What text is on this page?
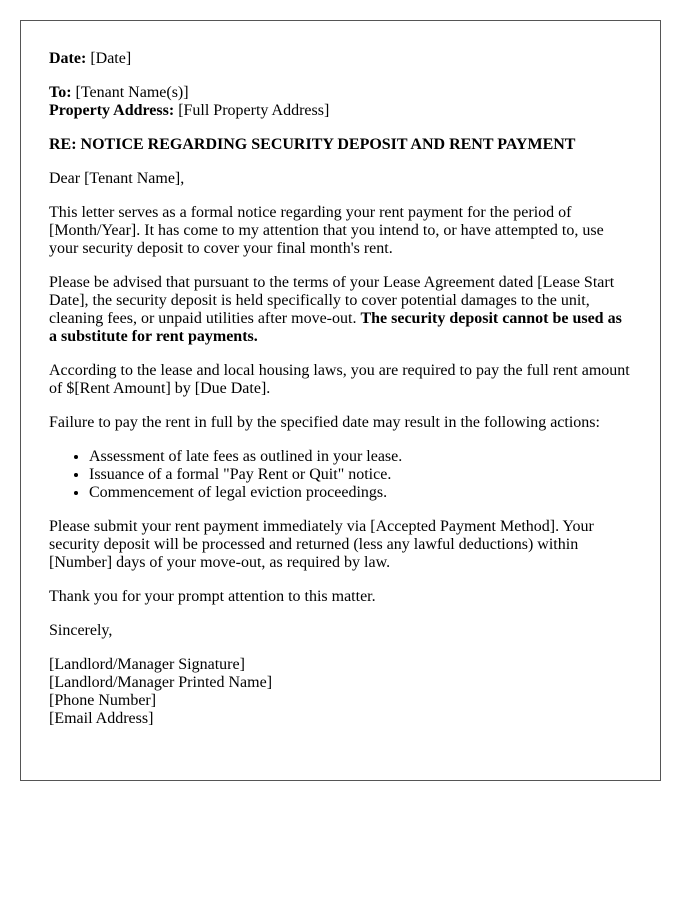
Date: [Date]

To: [Tenant Name(s)]
Property Address: [Full Property Address]

RE: NOTICE REGARDING SECURITY DEPOSIT AND RENT PAYMENT

Dear [Tenant Name],

This letter serves as a formal notice regarding your rent payment for the period of [Month/Year]. It has come to my attention that you intend to, or have attempted to, use your security deposit to cover your final month's rent.

Please be advised that pursuant to the terms of your Lease Agreement dated [Lease Start Date], the security deposit is held specifically to cover potential damages to the unit, cleaning fees, or unpaid utilities after move-out. The security deposit cannot be used as a substitute for rent payments.

According to the lease and local housing laws, you are required to pay the full rent amount of $[Rent Amount] by [Due Date].

Failure to pay the rent in full by the specified date may result in the following actions:

• Assessment of late fees as outlined in your lease.
• Issuance of a formal "Pay Rent or Quit" notice.
• Commencement of legal eviction proceedings.

Please submit your rent payment immediately via [Accepted Payment Method]. Your security deposit will be processed and returned (less any lawful deductions) within [Number] days of your move-out, as required by law.

Thank you for your prompt attention to this matter.

Sincerely,

[Landlord/Manager Signature]
[Landlord/Manager Printed Name]
[Phone Number]
[Email Address]
